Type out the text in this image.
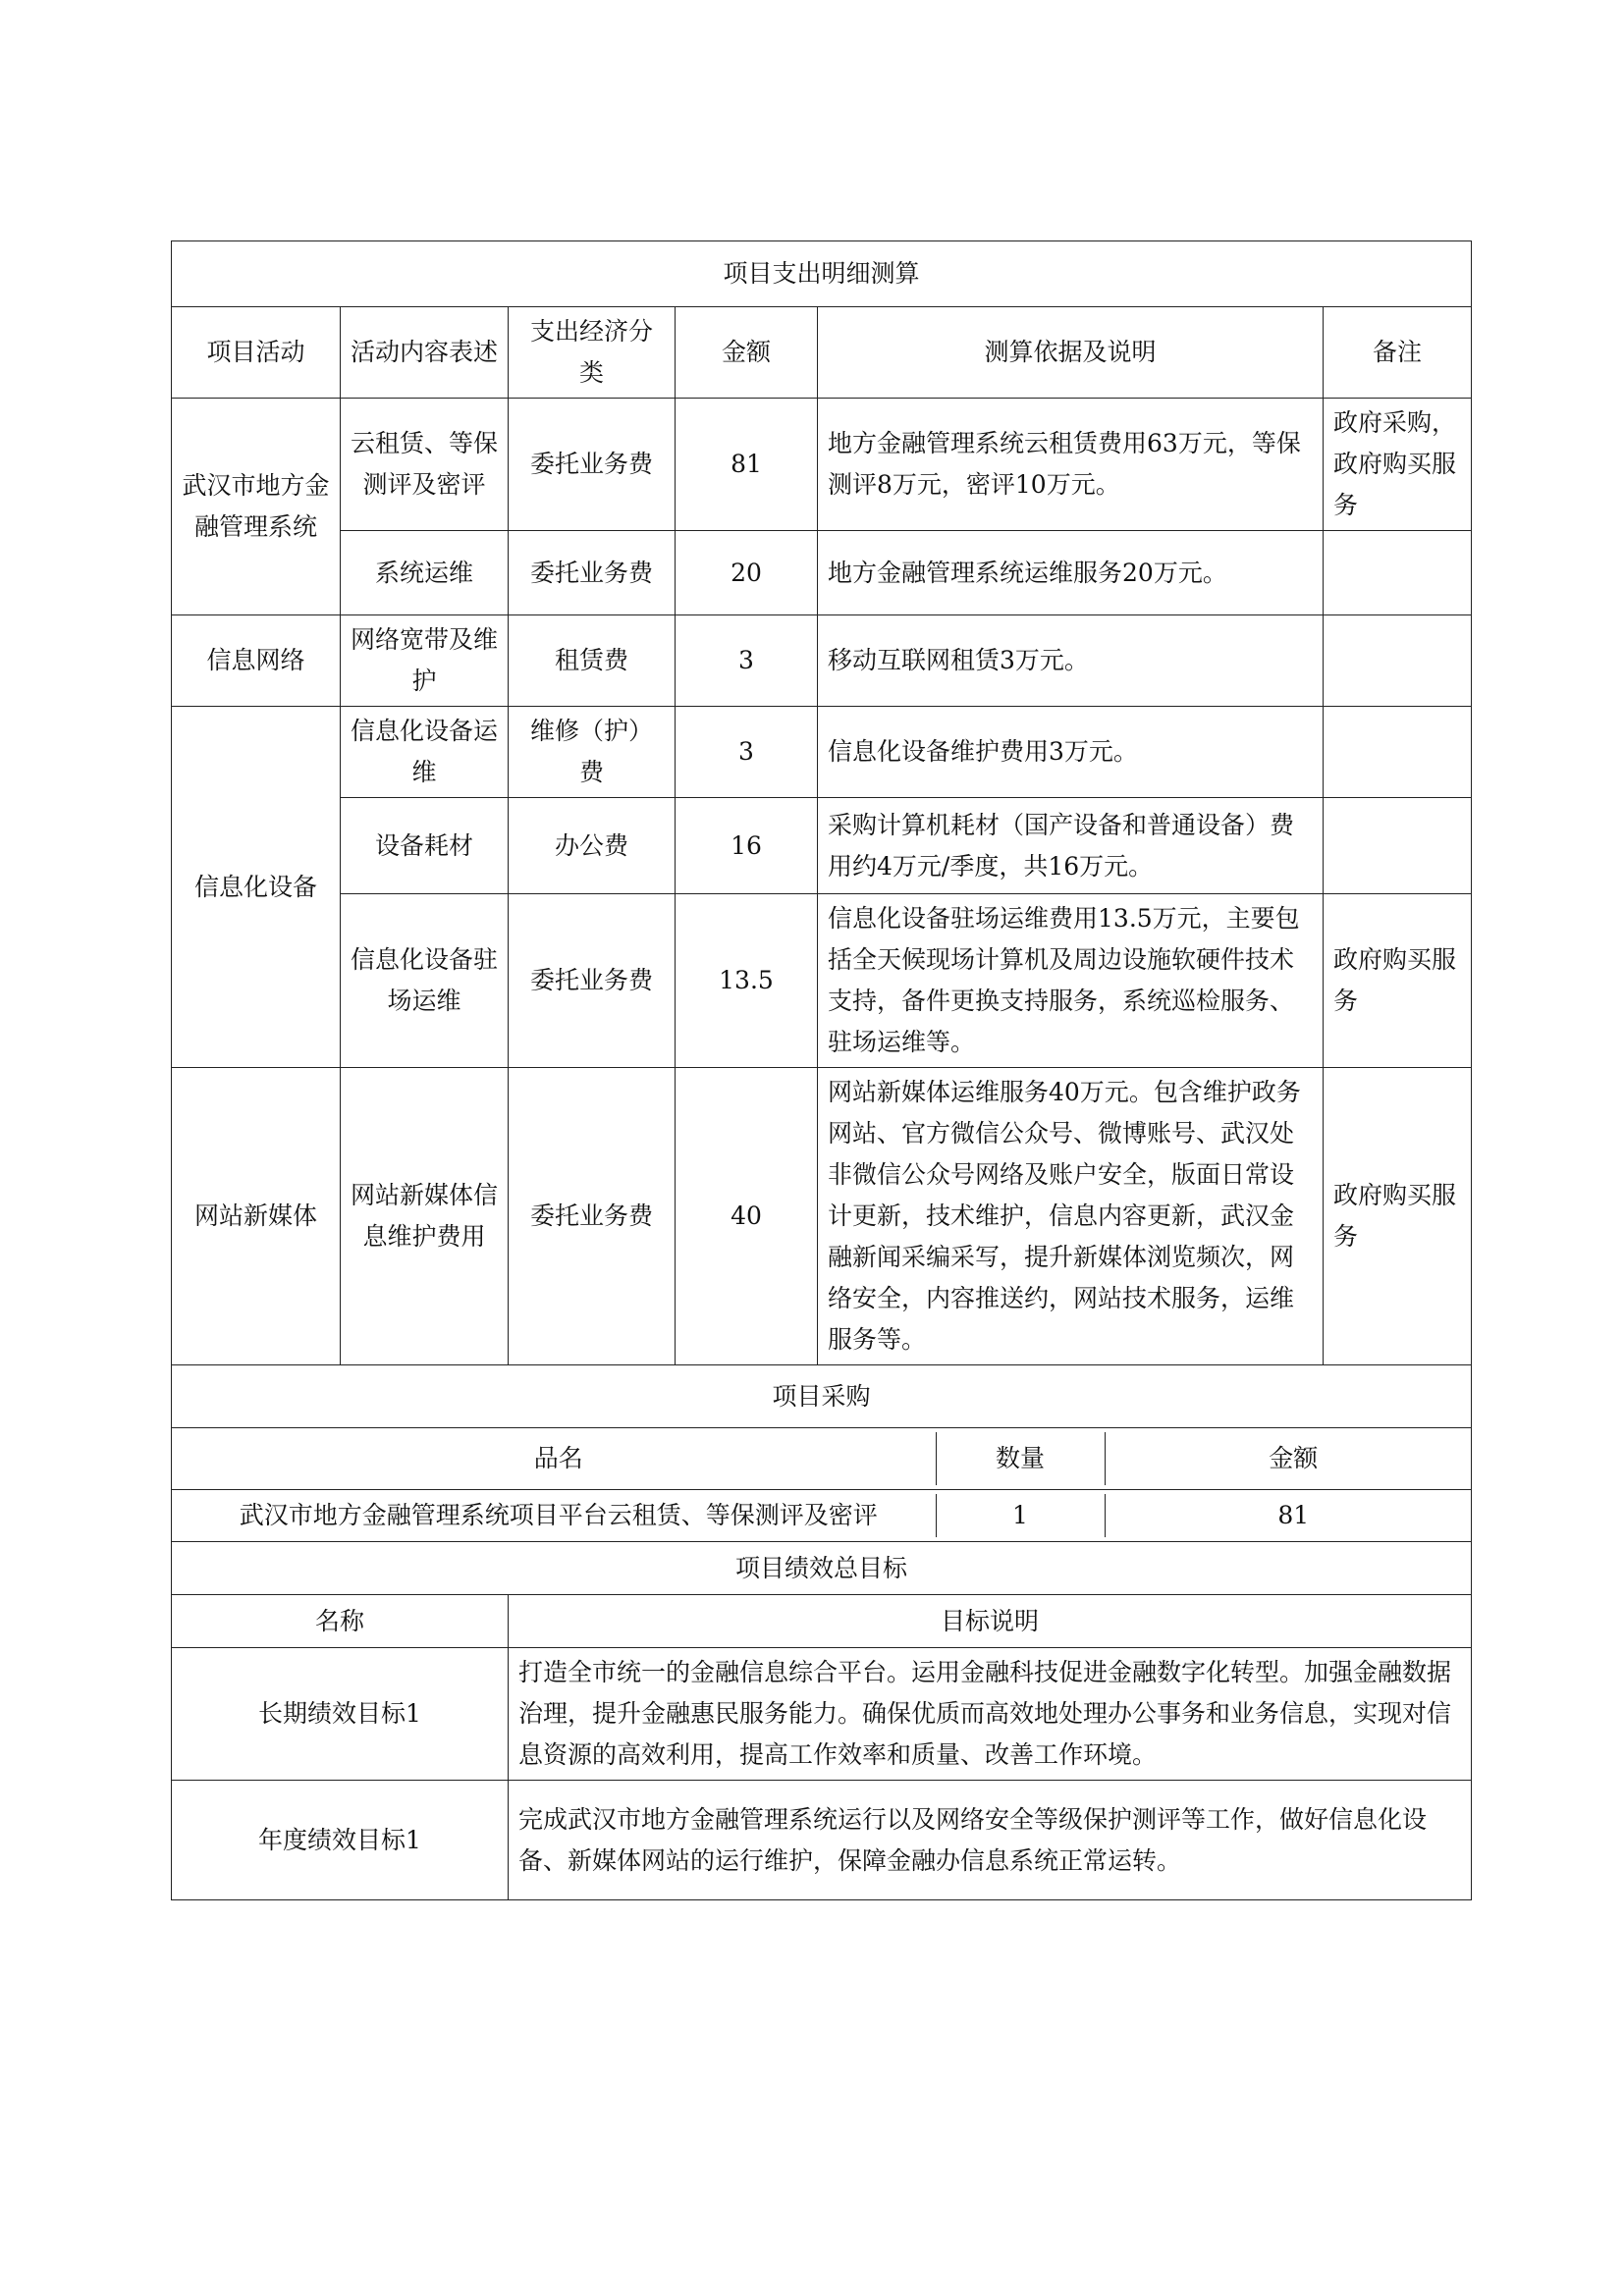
项目支出明细测算
项目活动	活动内容表述	支出经济分类	金额	测算依据及说明	备注
武汉市地方金融管理系统	云租赁、等保测评及密评	委托业务费	81	地方金融管理系统云租赁费用63万元，等保测评8万元，密评10万元。	政府采购，政府购买服务
系统运维	委托业务费	20	地方金融管理系统运维服务20万元。	
信息网络	网络宽带及维护	租赁费	3	移动互联网租赁3万元。	
信息化设备	信息化设备运维	维修（护）费	3	信息化设备维护费用3万元。	
设备耗材	办公费	16	采购计算机耗材（国产设备和普通设备）费用约4万元/季度，共16万元。	
信息化设备驻场运维	委托业务费	13.5	信息化设备驻场运维费用13.5万元，主要包括全天候现场计算机及周边设施软硬件技术支持，备件更换支持服务，系统巡检服务、驻场运维等。	政府购买服务
网站新媒体	网站新媒体信息维护费用	委托业务费	40	网站新媒体运维服务40万元。包含维护政务网站、官方微信公众号、微博账号、武汉处非微信公众号网络及账户安全，版面日常设计更新，技术维护，信息内容更新，武汉金融新闻采编采写，提升新媒体浏览频次，网络安全，内容推送约，网站技术服务，运维服务等。	政府购买服务
项目采购

品名	数量	金额

武汉市地方金融管理系统项目平台云租赁、等保测评及密评	1	81

项目绩效总目标
名称	目标说明
长期绩效目标1	打造全市统一的金融信息综合平台。运用金融科技促进金融数字化转型。加强金融数据治理，提升金融惠民服务能力。确保优质而高效地处理办公事务和业务信息，实现对信息资源的高效利用，提高工作效率和质量、改善工作环境。
年度绩效目标1	完成武汉市地方金融管理系统运行以及网络安全等级保护测评等工作，做好信息化设备、新媒体网站的运行维护，保障金融办信息系统正常运转。
